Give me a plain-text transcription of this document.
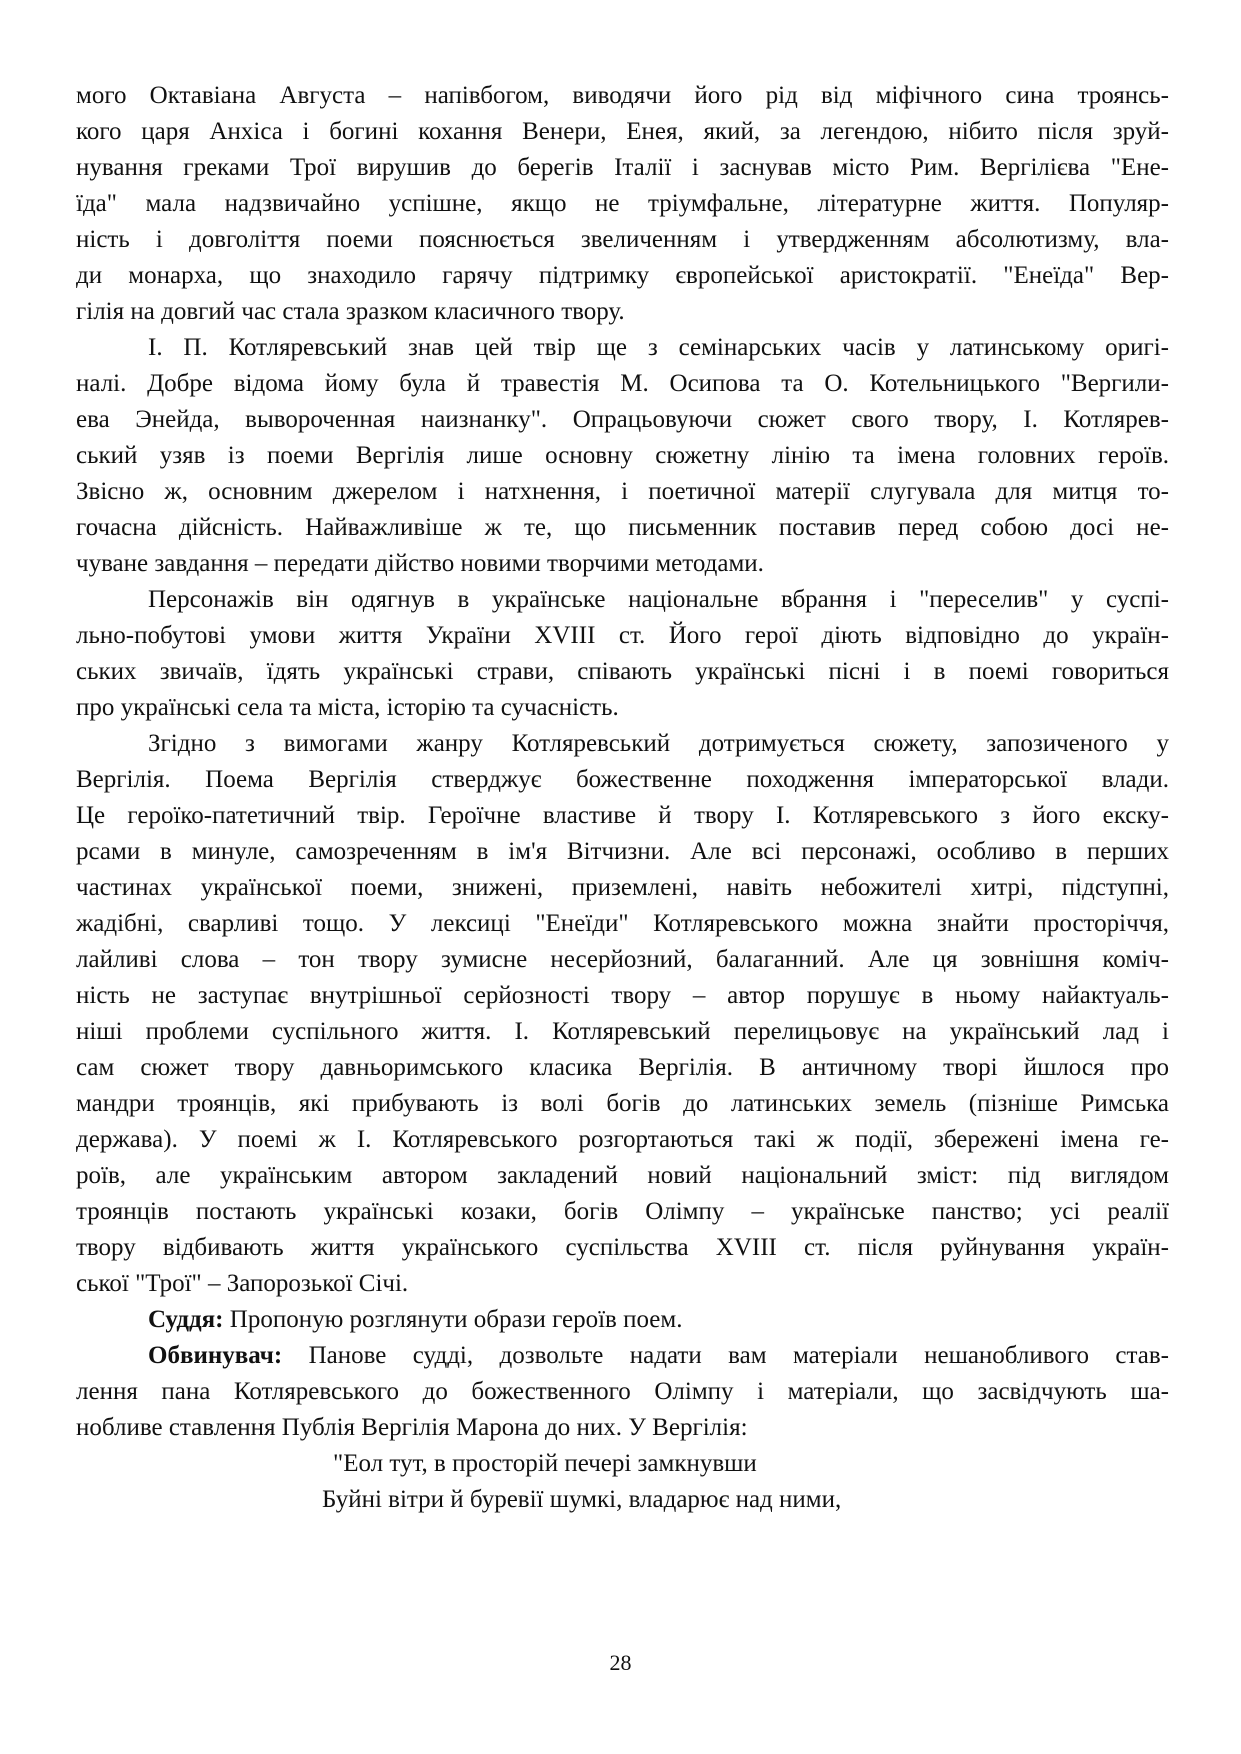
мого Октавіана Августа – напівбогом, виводячи його рід від міфічного сина троянсь-
кого царя Анхіса і богині кохання Венери, Енея, який, за легендою, нібито після зруй-
нування греками Трої вирушив до берегів Італії і заснував місто Рим. Вергілієва "Ене-
їда" мала надзвичайно успішне, якщо не тріумфальне, літературне життя. Популяр-
ність і довголіття поеми пояснюється звеличенням і утвердженням абсолютизму, вла-
ди монарха, що знаходило гарячу підтримку європейської аристократії. "Енеїда" Вер-
гілія на довгий час стала зразком класичного твору.
І. П. Котляревський знав цей твір ще з семінарських часів у латинському оригі-
налі. Добре відома йому була й травестія М. Осипова та О. Котельницького "Вергили-
ева Энейда, вывороченная наизнанку". Опрацьовуючи сюжет свого твору, І. Котлярев-
ський узяв із поеми Вергілія лише основну сюжетну лінію та імена головних героїв.
Звісно ж, основним джерелом і натхнення, і поетичної матерії слугувала для митця то-
гочасна дійсність. Найважливіше ж те, що письменник поставив перед собою досі не-
чуване завдання – передати дійство новими творчими методами.
Персонажів він одягнув в українське національне вбрання і "переселив" у суспі-
льно-побутові умови життя України XVIII ст. Його герої діють відповідно до україн-
ських звичаїв, їдять українські страви, співають українські пісні і в поемі говориться
про українські села та міста, історію та сучасність.
Згідно з вимогами жанру Котляревський дотримується сюжету, запозиченого у
Вергілія. Поема Вергілія стверджує божественне походження імператорської влади.
Це героїко-патетичний твір. Героїчне властиве й твору І. Котляревського з його екску-
рсами в минуле, самозреченням в ім'я Вітчизни. Але всі персонажі, особливо в перших
частинах української поеми, знижені, приземлені, навіть небожителі хитрі, підступні,
жадібні, сварливі тощо. У лексиці "Енеїди" Котляревського можна знайти просторіччя,
лайливі слова – тон твору зумисне несерйозний, балаганний. Але ця зовнішня коміч-
ність не заступає внутрішньої серйозності твору – автор порушує в ньому найактуаль-
ніші проблеми суспільного життя. І. Котляревський перелицьовує на український лад і
сам сюжет твору давньоримського класика Вергілія. В античному творі йшлося про
мандри троянців, які прибувають із волі богів до латинських земель (пізніше Римська
держава). У поемі ж І. Котляревського розгортаються такі ж події, збережені імена ге-
роїв, але українським автором закладений новий національний зміст: під виглядом
троянців постають українські козаки, богів Олімпу – українське панство; усі реалії
твору відбивають життя українського суспільства XVIII ст. після руйнування україн-
ської "Трої" – Запорозької Січі.
Суддя: Пропоную розглянути образи героїв поем.
Обвинувач: Панове судді, дозвольте надати вам матеріали нешанобливого став-
лення пана Котляревського до божественного Олімпу і матеріали, що засвідчують ша-
нобливе ставлення Публія Вергілія Марона до них. У Вергілія:
"Еол тут, в просторій печері замкнувши
Буйні вітри й буревії шумкі, владарює над ними,
28
